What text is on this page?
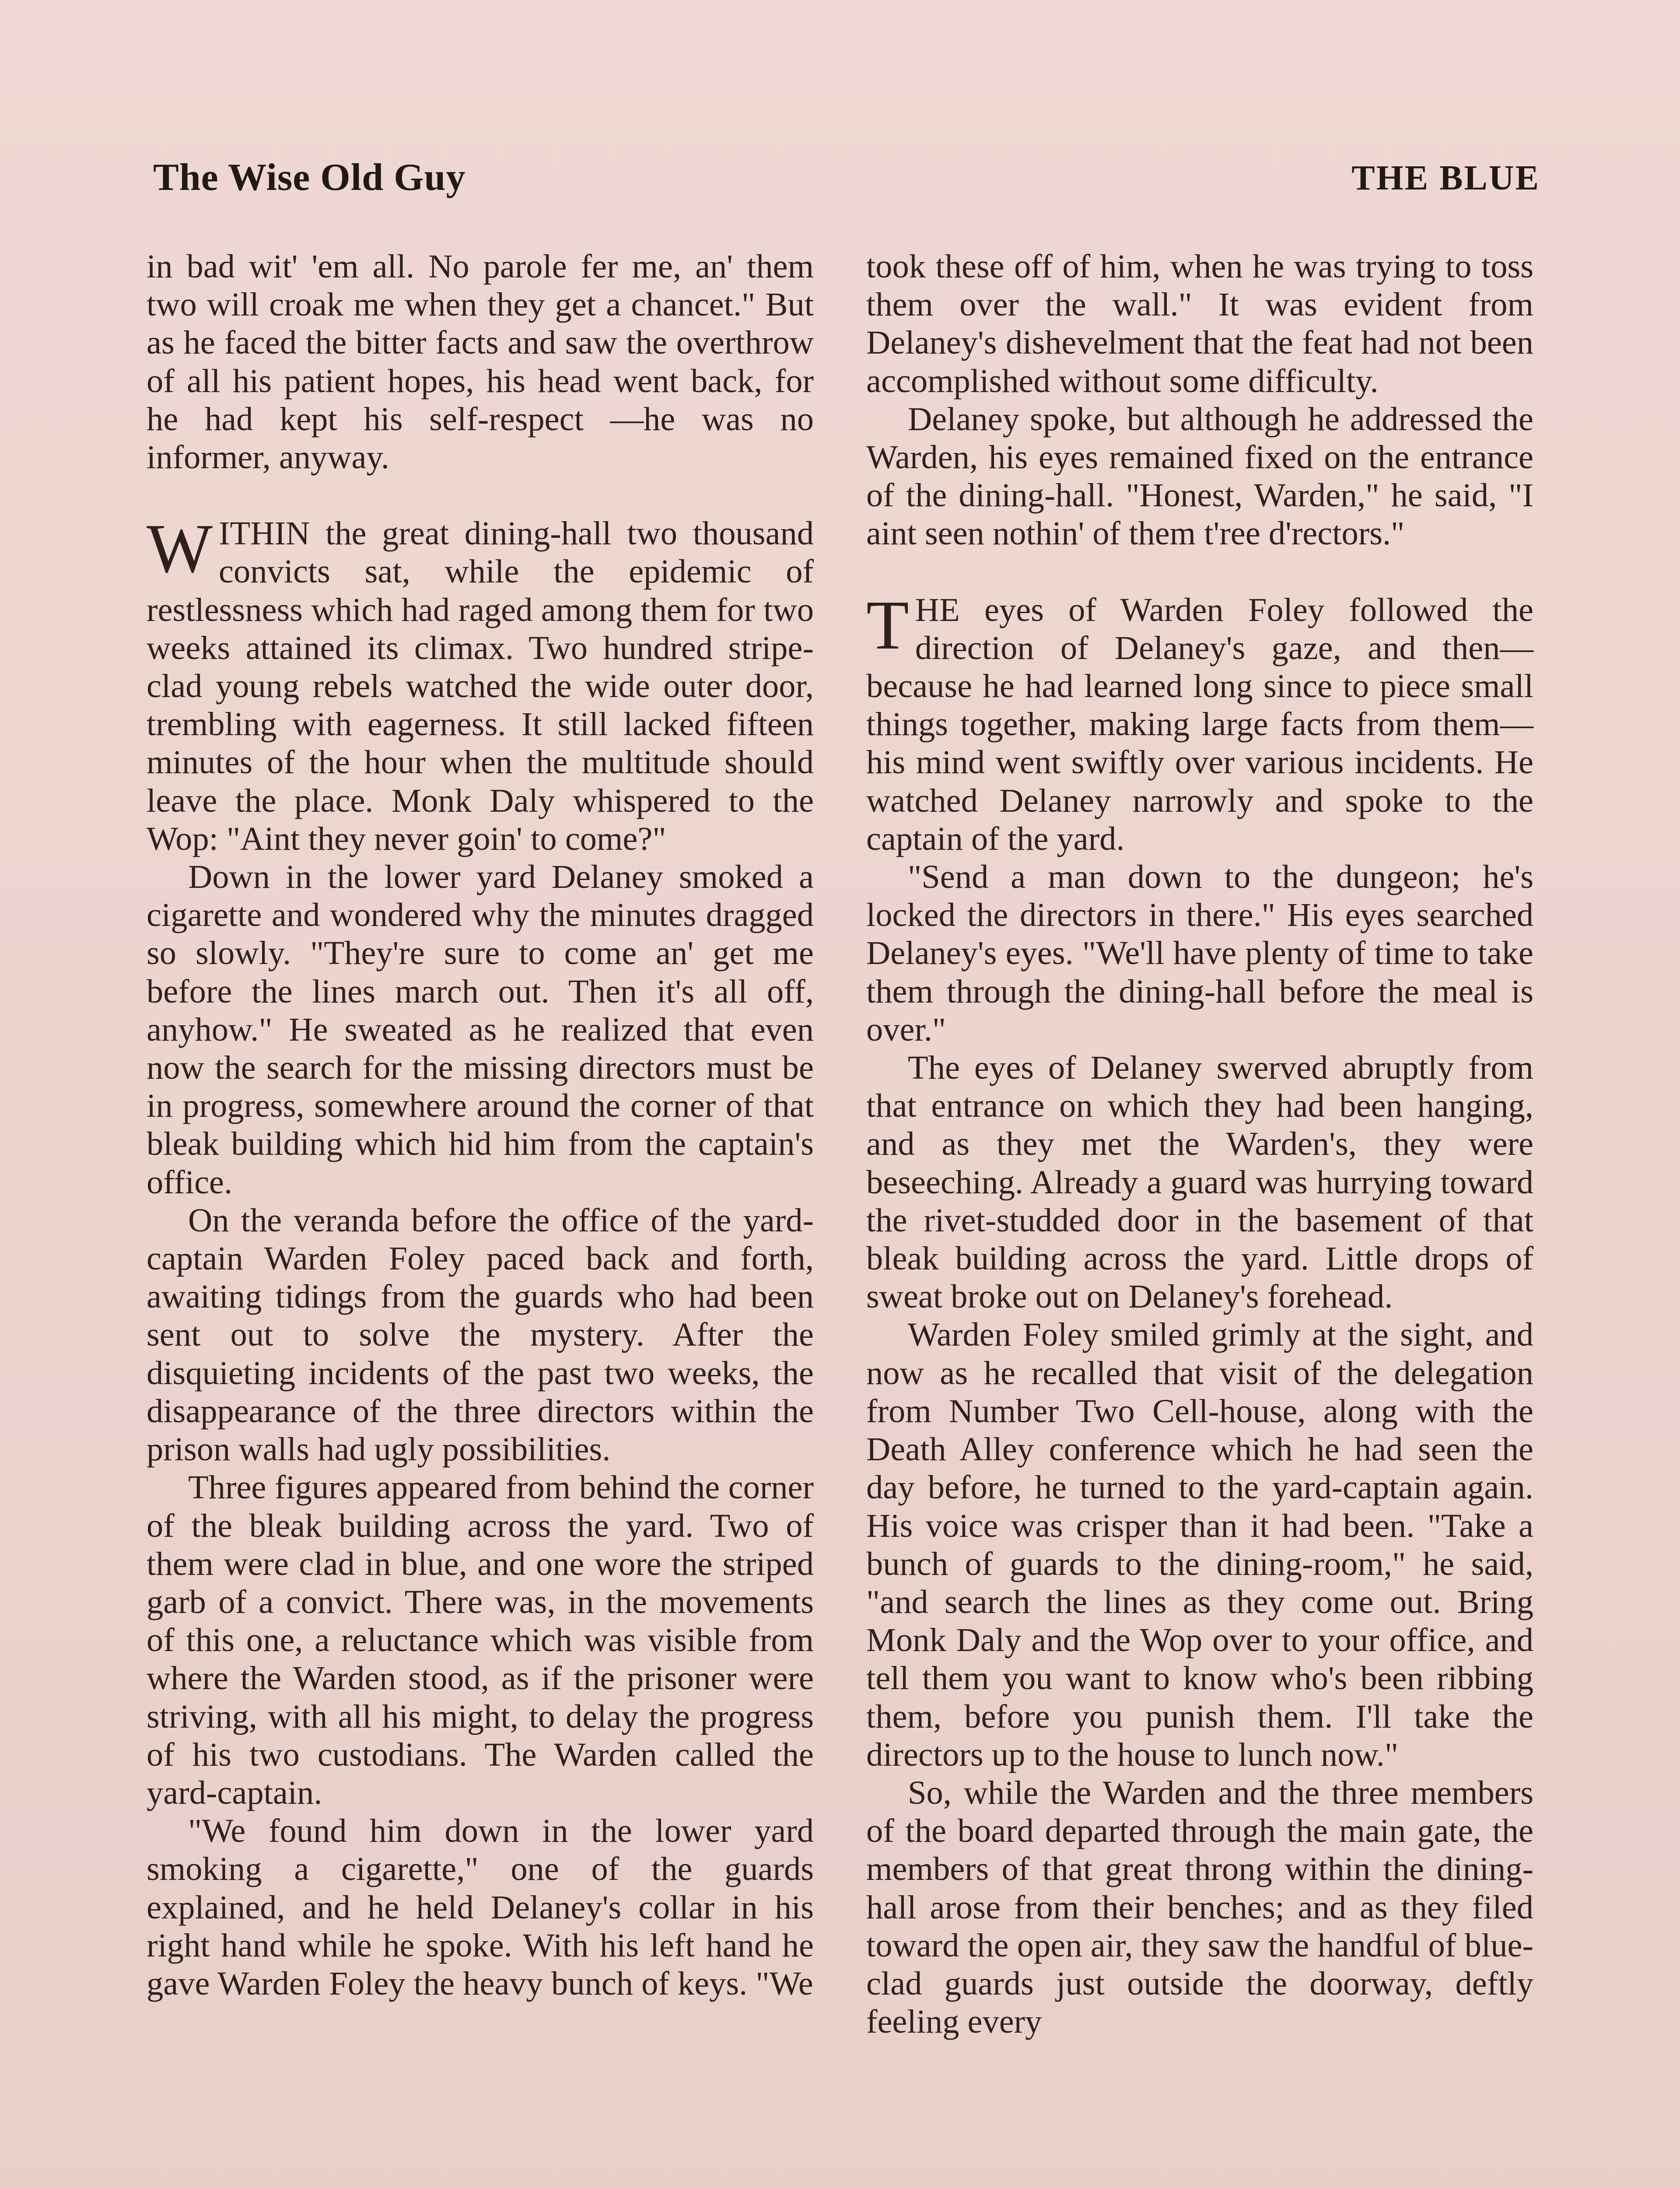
The Wise Old Guy	THE BLUE

in bad wit' 'em all. No parole fer me, an' them two will croak me when they get a chancet." But as he faced the bitter facts and saw the overthrow of all his patient hopes, his head went back, for he had kept his self-respect —he was no informer, anyway.

WITHIN the great dining-hall two thousand convicts sat, while the epidemic of restlessness which had raged among them for two weeks attained its climax. Two hundred stripe-clad young rebels watched the wide outer door, trembling with eagerness. It still lacked fifteen minutes of the hour when the multitude should leave the place. Monk Daly whispered to the Wop: "Aint they never goin' to come?"

Down in the lower yard Delaney smoked a cigarette and wondered why the minutes dragged so slowly. "They're sure to come an' get me before the lines march out. Then it's all off, anyhow." He sweated as he realized that even now the search for the missing directors must be in progress, somewhere around the corner of that bleak building which hid him from the captain's office.

On the veranda before the office of the yard-captain Warden Foley paced back and forth, awaiting tidings from the guards who had been sent out to solve the mystery. After the disquieting incidents of the past two weeks, the disappearance of the three directors within the prison walls had ugly possibilities.

Three figures appeared from behind the corner of the bleak building across the yard. Two of them were clad in blue, and one wore the striped garb of a convict. There was, in the movements of this one, a reluctance which was visible from where the Warden stood, as if the prisoner were striving, with all his might, to delay the progress of his two custodians. The Warden called the yard-captain.

"We found him down in the lower yard smoking a cigarette," one of the guards explained, and he held Delaney's collar in his right hand while he spoke. With his left hand he gave Warden Foley the heavy bunch of keys. "We

took these off of him, when he was trying to toss them over the wall." It was evident from Delaney's dishevelment that the feat had not been accomplished without some difficulty.

Delaney spoke, but although he addressed the Warden, his eyes remained fixed on the entrance of the dining-hall. "Honest, Warden," he said, "I aint seen nothin' of them t'ree d'rectors."

THE eyes of Warden Foley followed the direction of Delaney's gaze, and then—because he had learned long since to piece small things together, making large facts from them—his mind went swiftly over various incidents. He watched Delaney narrowly and spoke to the captain of the yard.

"Send a man down to the dungeon; he's locked the directors in there." His eyes searched Delaney's eyes. "We'll have plenty of time to take them through the dining-hall before the meal is over."

The eyes of Delaney swerved abruptly from that entrance on which they had been hanging, and as they met the Warden's, they were beseeching. Already a guard was hurrying toward the rivet-studded door in the basement of that bleak building across the yard. Little drops of sweat broke out on Delaney's forehead.

Warden Foley smiled grimly at the sight, and now as he recalled that visit of the delegation from Number Two Cell-house, along with the Death Alley conference which he had seen the day before, he turned to the yard-captain again. His voice was crisper than it had been. "Take a bunch of guards to the dining-room," he said, "and search the lines as they come out. Bring Monk Daly and the Wop over to your office, and tell them you want to know who's been ribbing them, before you punish them. I'll take the directors up to the house to lunch now."

So, while the Warden and the three members of the board departed through the main gate, the members of that great throng within the dining-hall arose from their benches; and as they filed toward the open air, they saw the handful of blue-clad guards just outside the doorway, deftly feeling every
